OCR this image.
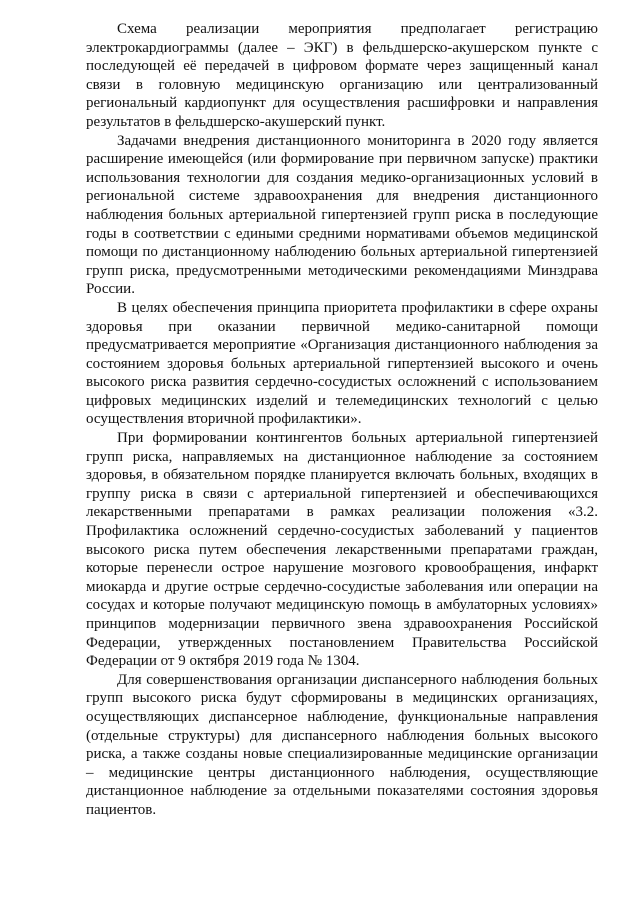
Схема реализации мероприятия предполагает регистрацию электрокардиограммы (далее – ЭКГ) в фельдшерско-акушерском пункте с последующей её передачей в цифровом формате через защищенный канал связи в головную медицинскую организацию или централизованный региональный кардиопункт для осуществления расшифровки и направления результатов в фельдшерско-акушерский пункт.

Задачами внедрения дистанционного мониторинга в 2020 году является расширение имеющейся (или формирование при первичном запуске) практики использования технологии для создания медико-организационных условий в региональной системе здравоохранения для внедрения дистанционного наблюдения больных артериальной гипертензией групп риска в последующие годы в соответствии с едиными средними нормативами объемов медицинской помощи по дистанционному наблюдению больных артериальной гипертензией групп риска, предусмотренными методическими рекомендациями Минздрава России.

В целях обеспечения принципа приоритета профилактики в сфере охраны здоровья при оказании первичной медико-санитарной помощи предусматривается мероприятие «Организация дистанционного наблюдения за состоянием здоровья больных артериальной гипертензией высокого и очень высокого риска развития сердечно-сосудистых осложнений с использованием цифровых медицинских изделий и телемедицинских технологий с целью осуществления вторичной профилактики».

При формировании контингентов больных артериальной гипертензией групп риска, направляемых на дистанционное наблюдение за состоянием здоровья, в обязательном порядке планируется включать больных, входящих в группу риска в связи с артериальной гипертензией и обеспечивающихся лекарственными препаратами в рамках реализации положения «3.2. Профилактика осложнений сердечно-сосудистых заболеваний у пациентов высокого риска путем обеспечения лекарственными препаратами граждан, которые перенесли острое нарушение мозгового кровообращения, инфаркт миокарда и другие острые сердечно-сосудистые заболевания или операции на сосудах и которые получают медицинскую помощь в амбулаторных условиях» принципов модернизации первичного звена здравоохранения Российской Федерации, утвержденных постановлением Правительства Российской Федерации от 9 октября 2019 года № 1304.

Для совершенствования организации диспансерного наблюдения больных групп высокого риска будут сформированы в медицинских организациях, осуществляющих диспансерное наблюдение, функциональные направления (отдельные структуры) для диспансерного наблюдения больных высокого риска, а также созданы новые специализированные медицинские организации – медицинские центры дистанционного наблюдения, осуществляющие дистанционное наблюдение за отдельными показателями состояния здоровья пациентов.
